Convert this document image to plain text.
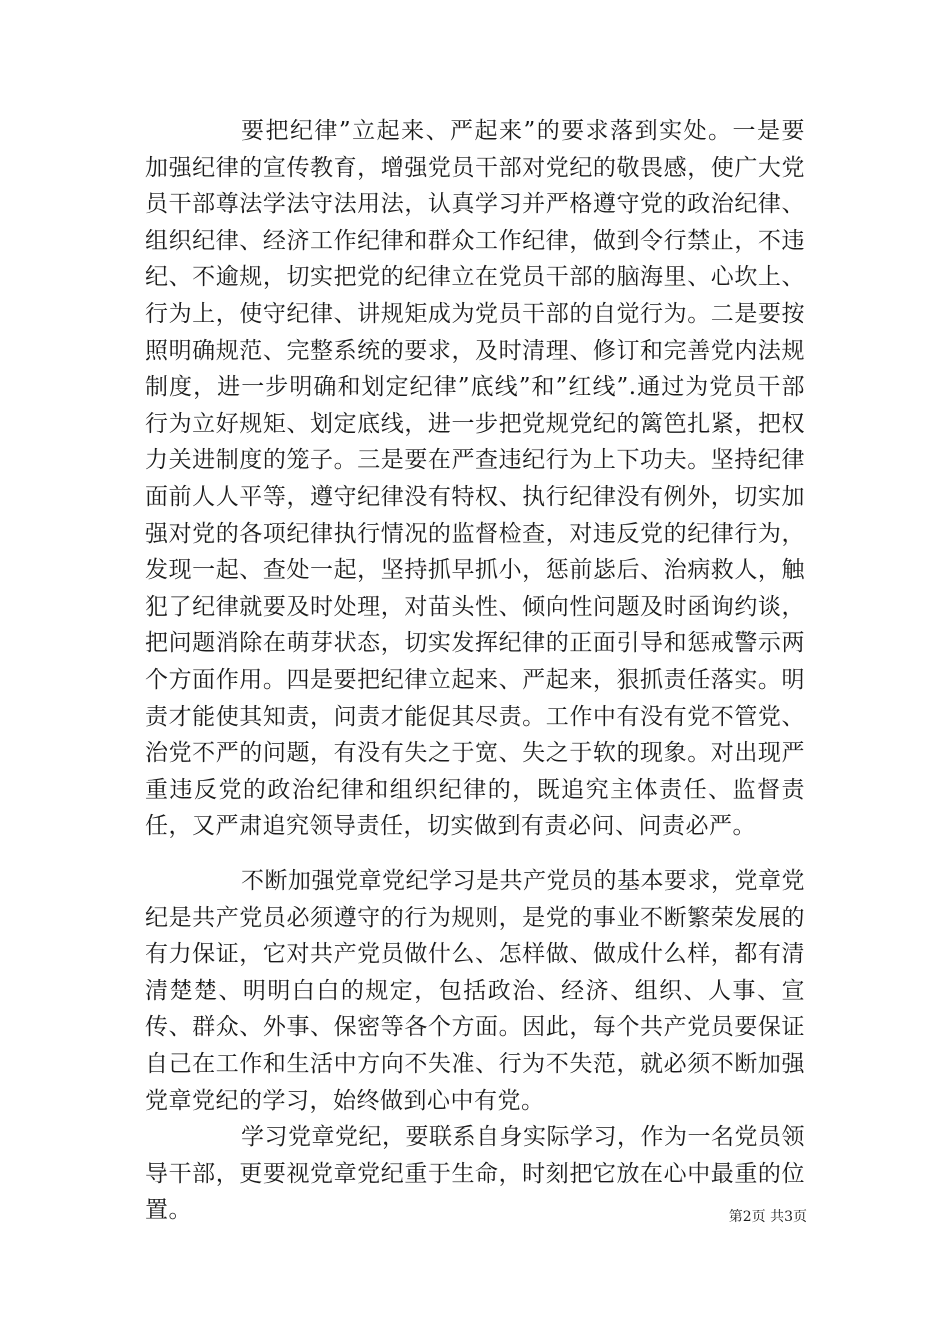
要把纪律”立起来、严起来”的要求落到实处。一是要加强纪律的宣传教育，增强党员干部对党纪的敬畏感，使广大党员干部尊法学法守法用法，认真学习并严格遵守党的政治纪律、组织纪律、经济工作纪律和群众工作纪律，做到令行禁止，不违纪、不逾规，切实把党的纪律立在党员干部的脑海里、心坎上、行为上，使守纪律、讲规矩成为党员干部的自觉行为。二是要按照明确规范、完整系统的要求，及时清理、修订和完善党内法规制度，进一步明确和划定纪律”底线”和”红线”.通过为党员干部行为立好规矩、划定底线，进一步把党规党纪的篱笆扎紧，把权力关进制度的笼子。三是要在严查违纪行为上下功夫。坚持纪律面前人人平等，遵守纪律没有特权、执行纪律没有例外，切实加强对党的各项纪律执行情况的监督检查，对违反党的纪律行为，发现一起、查处一起，坚持抓早抓小，惩前毖后、治病救人，触犯了纪律就要及时处理，对苗头性、倾向性问题及时函询约谈，把问题消除在萌芽状态，切实发挥纪律的正面引导和惩戒警示两个方面作用。四是要把纪律立起来、严起来，狠抓责任落实。明责才能使其知责，问责才能促其尽责。工作中有没有党不管党、治党不严的问题，有没有失之于宽、失之于软的现象。对出现严重违反党的政治纪律和组织纪律的，既追究主体责任、监督责任，又严肃追究领导责任，切实做到有责必问、问责必严。

不断加强党章党纪学习是共产党员的基本要求，党章党纪是共产党员必须遵守的行为规则，是党的事业不断繁荣发展的有力保证，它对共产党员做什么、怎样做、做成什么样，都有清清楚楚、明明白白的规定，包括政治、经济、组织、人事、宣传、群众、外事、保密等各个方面。因此，每个共产党员要保证自己在工作和生活中方向不失准、行为不失范，就必须不断加强党章党纪的学习，始终做到心中有党。

学习党章党纪，要联系自身实际学习，作为一名党员领导干部，更要视党章党纪重于生命，时刻把它放在心中最重的位置。	第2页 共3页
